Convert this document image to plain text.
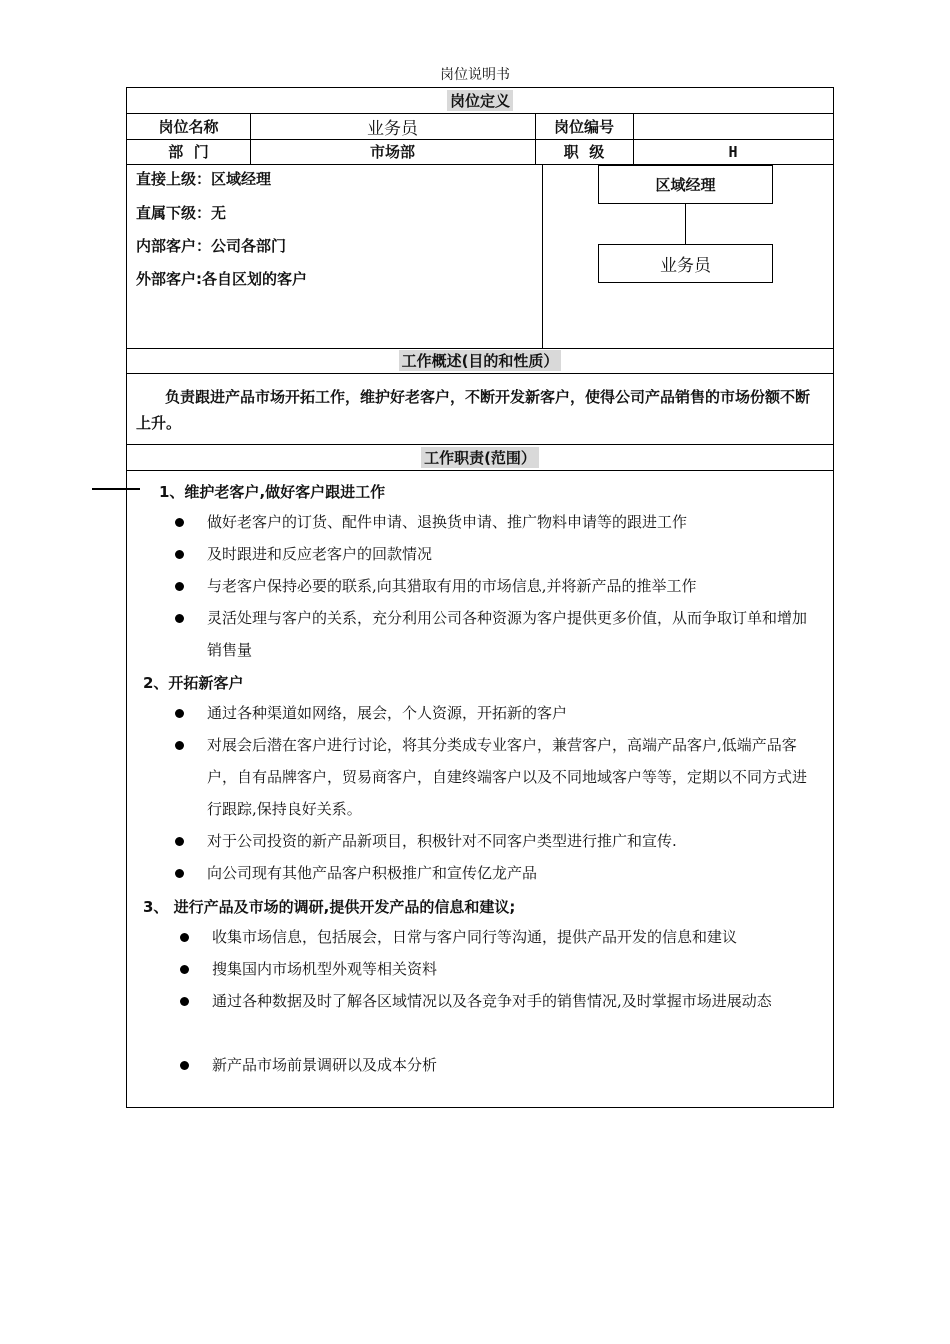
岗位说明书
岗位定义
岗位名称	业务员	岗位编号
部  门	市场部	职  级	H
直接上级：区域经理
直属下级：无
内部客户：公司各部门
外部客户:各自区划的客户
区域经理
业务员
工作概述(目的和性质）
负责跟进产品市场开拓工作，维护好老客户，不断开发新客户，使得公司产品销售的市场份额不断上升。
工作职责(范围）
1、维护老客户,做好客户跟进工作
做好老客户的订货、配件申请、退换货申请、推广物料申请等的跟进工作
及时跟进和反应老客户的回款情况
与老客户保持必要的联系,向其猎取有用的市场信息,并将新产品的推举工作
灵活处理与客户的关系，充分利用公司各种资源为客户提供更多价值，从而争取订单和增加销售量
2、开拓新客户
通过各种渠道如网络，展会，个人资源，开拓新的客户
对展会后潜在客户进行讨论，将其分类成专业客户，兼营客户，高端产品客户,低端产品客户，自有品牌客户，贸易商客户，自建终端客户以及不同地域客户等等，定期以不同方式进行跟踪,保持良好关系。
对于公司投资的新产品新项目，积极针对不同客户类型进行推广和宣传.
向公司现有其他产品客户积极推广和宣传亿龙产品
3、 进行产品及市场的调研,提供开发产品的信息和建议;
收集市场信息，包括展会，日常与客户同行等沟通，提供产品开发的信息和建议
搜集国内市场机型外观等相关资料
通过各种数据及时了解各区域情况以及各竞争对手的销售情况,及时掌握市场进展动态
新产品市场前景调研以及成本分析
